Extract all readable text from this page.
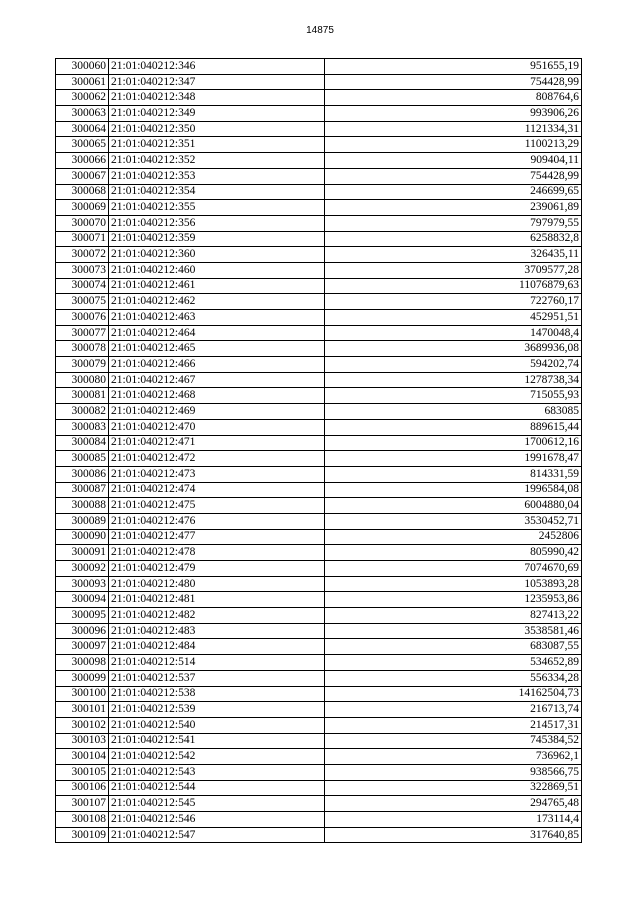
14875
300060	21:01:040212:346	951655,19
300061	21:01:040212:347	754428,99
300062	21:01:040212:348	808764,6
300063	21:01:040212:349	993906,26
300064	21:01:040212:350	1121334,31
300065	21:01:040212:351	1100213,29
300066	21:01:040212:352	909404,11
300067	21:01:040212:353	754428,99
300068	21:01:040212:354	246699,65
300069	21:01:040212:355	239061,89
300070	21:01:040212:356	797979,55
300071	21:01:040212:359	6258832,8
300072	21:01:040212:360	326435,11
300073	21:01:040212:460	3709577,28
300074	21:01:040212:461	11076879,63
300075	21:01:040212:462	722760,17
300076	21:01:040212:463	452951,51
300077	21:01:040212:464	1470048,4
300078	21:01:040212:465	3689936,08
300079	21:01:040212:466	594202,74
300080	21:01:040212:467	1278738,34
300081	21:01:040212:468	715055,93
300082	21:01:040212:469	683085
300083	21:01:040212:470	889615,44
300084	21:01:040212:471	1700612,16
300085	21:01:040212:472	1991678,47
300086	21:01:040212:473	814331,59
300087	21:01:040212:474	1996584,08
300088	21:01:040212:475	6004880,04
300089	21:01:040212:476	3530452,71
300090	21:01:040212:477	2452806
300091	21:01:040212:478	805990,42
300092	21:01:040212:479	7074670,69
300093	21:01:040212:480	1053893,28
300094	21:01:040212:481	1235953,86
300095	21:01:040212:482	827413,22
300096	21:01:040212:483	3538581,46
300097	21:01:040212:484	683087,55
300098	21:01:040212:514	534652,89
300099	21:01:040212:537	556334,28
300100	21:01:040212:538	14162504,73
300101	21:01:040212:539	216713,74
300102	21:01:040212:540	214517,31
300103	21:01:040212:541	745384,52
300104	21:01:040212:542	736962,1
300105	21:01:040212:543	938566,75
300106	21:01:040212:544	322869,51
300107	21:01:040212:545	294765,48
300108	21:01:040212:546	173114,4
300109	21:01:040212:547	317640,85
